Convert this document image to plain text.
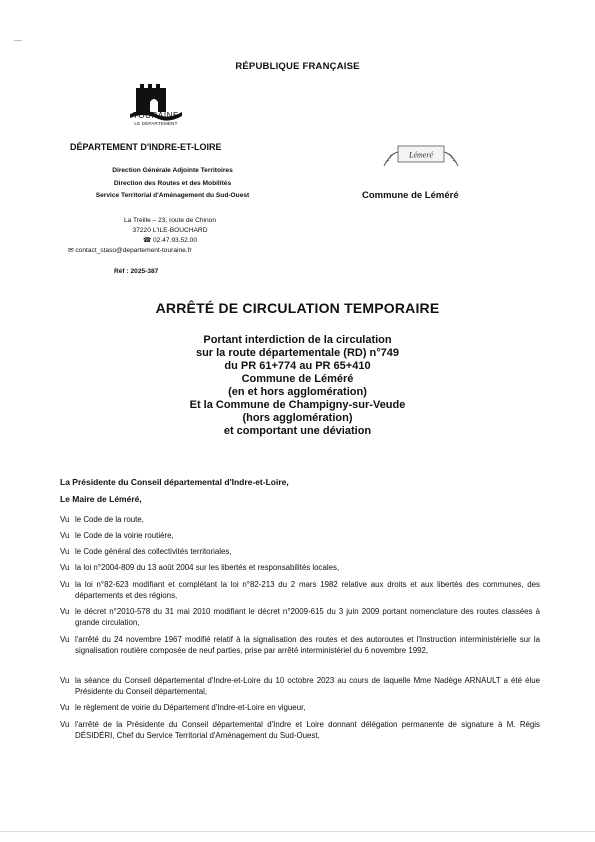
RÉPUBLIQUE FRANÇAISE
TOURAINE
LE DÉPARTEMENT
DÉPARTEMENT D'INDRE-ET-LOIRE
Direction Générale Adjointe Territoires
Direction des Routes et des Mobilités
Service Territorial d'Aménagement du Sud-Ouest
La Treille – 23, route de Chinon
37220 L'ILE-BOUCHARD
☎ 02.47.93.52.00
✉ contact_staso@departement-touraine.fr
Réf : 2025-387
Lémeré
Commune de Léméré
ARRÊTÉ DE CIRCULATION TEMPORAIRE
Portant interdiction de la circulation
sur la route départementale (RD) n°749
du PR 61+774 au PR 65+410
Commune de Léméré
(en et hors agglomération)
Et la Commune de Champigny-sur-Veude
(hors agglomération)
et comportant une déviation
La Présidente du Conseil départemental d'Indre-et-Loire,
Le Maire de Léméré,
Vu le Code de la route,
Vu le Code de la voirie routière,
Vu le Code général des collectivités territoriales,
Vu la loi n°2004-809 du 13 août 2004 sur les libertés et responsabilités locales,
Vu la loi n°82-623 modifiant et complétant la loi n°82-213 du 2 mars 1982 relative aux droits et aux libertés des communes, des départements et des régions,
Vu le décret n°2010-578 du 31 mai 2010 modifiant le décret n°2009-615 du 3 juin 2009 portant nomenclature des routes classées à grande circulation,
Vu l'arrêté du 24 novembre 1967 modifié relatif à la signalisation des routes et des autoroutes et l'Instruction interministérielle sur la signalisation routière composée de neuf parties, prise par arrêté interministériel du 6 novembre 1992,
Vu la séance du Conseil départemental d'Indre-et-Loire du 10 octobre 2023 au cours de laquelle Mme Nadège ARNAULT a été élue Présidente du Conseil départemental,
Vu le règlement de voirie du Département d'Indre-et-Loire en vigueur,
Vu l'arrêté de la Présidente du Conseil départemental d'Indre et Loire donnant délégation permanente de signature à M. Régis DÉSIDÉRI, Chef du Service Territorial d'Aménagement du Sud-Ouest,
